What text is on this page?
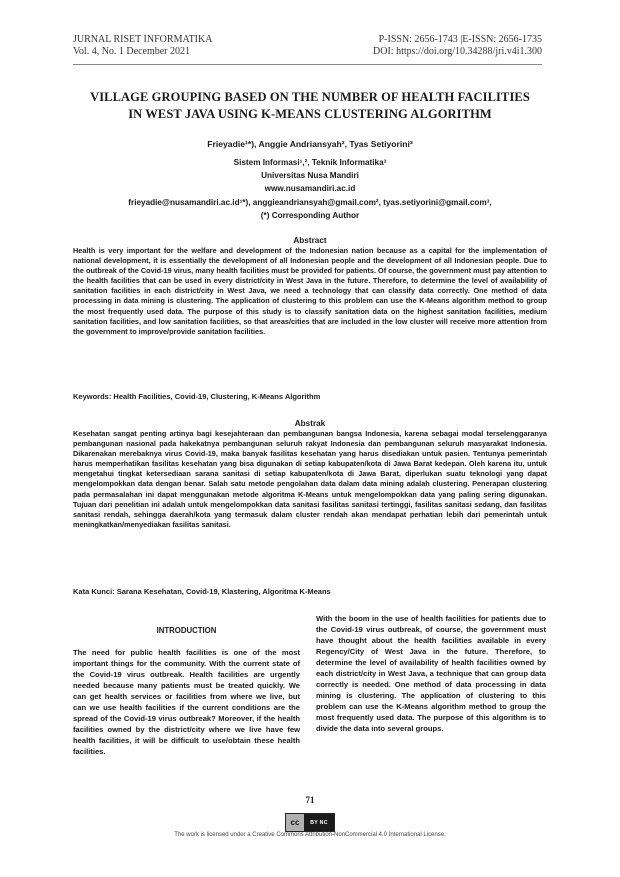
JURNAL RISET INFORMATIKA
Vol. 4, No. 1 December 2021
P-ISSN: 2656-1743 |E-ISSN: 2656-1735
DOI: https://doi.org/10.34288/jri.v4i1.300
VILLAGE GROUPING BASED ON THE NUMBER OF HEALTH FACILITIES
IN WEST JAVA USING K-MEANS CLUSTERING ALGORITHM
Frieyadie¹*), Anggie Andriansyah², Tyas Setiyorini³
Sistem Informasi¹,², Teknik Informatika³
Universitas Nusa Mandiri
www.nusamandiri.ac.id
frieyadie@nusamandiri.ac.id¹*), anggieandriansyah@gmail.com², tyas.setiyorini@gmail.com³,
(*) Corresponding Author
Abstract
Health is very important for the welfare and development of the Indonesian nation because as a capital for the implementation of national development, it is essentially the development of all Indonesian people and the development of all Indonesian people. Due to the outbreak of the Covid-19 virus, many health facilities must be provided for patients. Of course, the government must pay attention to the health facilities that can be used in every district/city in West Java in the future. Therefore, to determine the level of availability of sanitation facilities in each district/city in West Java, we need a technology that can classify data correctly. One method of data processing in data mining is clustering. The application of clustering to this problem can use the K-Means algorithm method to group the most frequently used data. The purpose of this study is to classify sanitation data on the highest sanitation facilities, medium sanitation facilities, and low sanitation facilities, so that areas/cities that are included in the low cluster will receive more attention from the government to improve/provide sanitation facilities.
Keywords: Health Facilities, Covid-19, Clustering, K-Means Algorithm
Abstrak
Kesehatan sangat penting artinya bagi kesejahteraan dan pembangunan bangsa Indonesia, karena sebagai modal terselenggaranya pembangunan nasional pada hakekatnya pembangunan seluruh rakyat Indonesia dan pembangunan seluruh masyarakat Indonesia. Dikarenakan merebaknya virus Covid-19, maka banyak fasilitas kesehatan yang harus disediakan untuk pasien. Tentunya pemerintah harus memperhatikan fasilitas kesehatan yang bisa digunakan di setiap kabupaten/kota di Jawa Barat kedepan. Oleh karena itu, untuk mengetahui tingkat ketersediaan sarana sanitasi di setiap kabupaten/kota di Jawa Barat, diperlukan suatu teknologi yang dapat mengelompokkan data dengan benar. Salah satu metode pengolahan data dalam data mining adalah clustering. Penerapan clustering pada permasalahan ini dapat menggunakan metode algoritma K-Means untuk mengelompokkan data yang paling sering digunakan. Tujuan dari penelitian ini adalah untuk mengelompokkan data sanitasi fasilitas sanitasi tertinggi, fasilitas sanitasi sedang, dan fasilitas sanitasi rendah, sehingga daerah/kota yang termasuk dalam cluster rendah akan mendapat perhatian lebih dari pemerintah untuk meningkatkan/menyediakan fasilitas sanitasi.
Kata Kunci: Sarana Kesehatan, Covid-19, Klastering, Algoritma K-Means
INTRODUCTION
The need for public health facilities is one of the most important things for the community. With the current state of the Covid-19 virus outbreak. Health facilities are urgently needed because many patients must be treated quickly. We can get health services or facilities from where we live, but can we use health facilities if the current conditions are the spread of the Covid-19 virus outbreak? Moreover, if the health facilities owned by the district/city where we live have few health facilities, it will be difficult to use/obtain these health facilities.
With the boom in the use of health facilities for patients due to the Covid-19 virus outbreak, of course, the government must have thought about the health facilities available in every Regency/City of West Java in the future. Therefore, to determine the level of availability of health facilities owned by each district/city in West Java, a technique that can group data correctly is needed. One method of data processing in data mining is clustering. The application of clustering to this problem can use the K-Means algorithm method to group the most frequently used data. The purpose of this algorithm is to divide the data into several groups.
71
cc	BY NC
The work is licensed under a Creative Commons Attribution-NonCommercial 4.0 International License.
